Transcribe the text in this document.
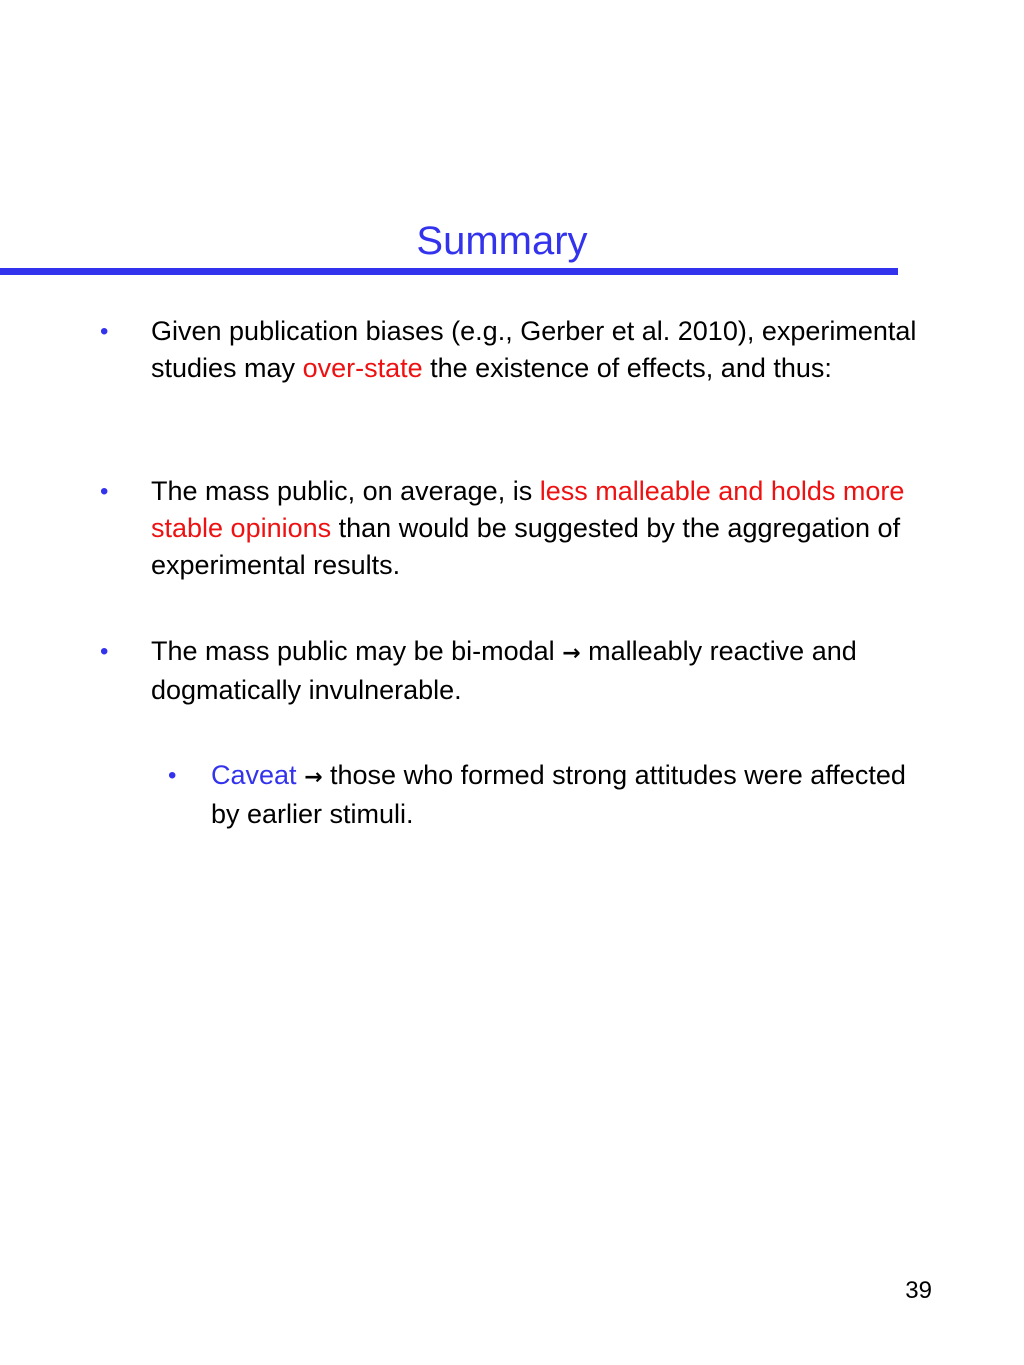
Summary
• Given publication biases (e.g., Gerber et al. 2010), experimental studies may over-state the existence of effects, and thus:
• The mass public, on average, is less malleable and holds more stable opinions than would be suggested by the aggregation of experimental results.
• The mass public may be bi-modal → malleably reactive and dogmatically invulnerable.
• Caveat → those who formed strong attitudes were affected by earlier stimuli.
39
